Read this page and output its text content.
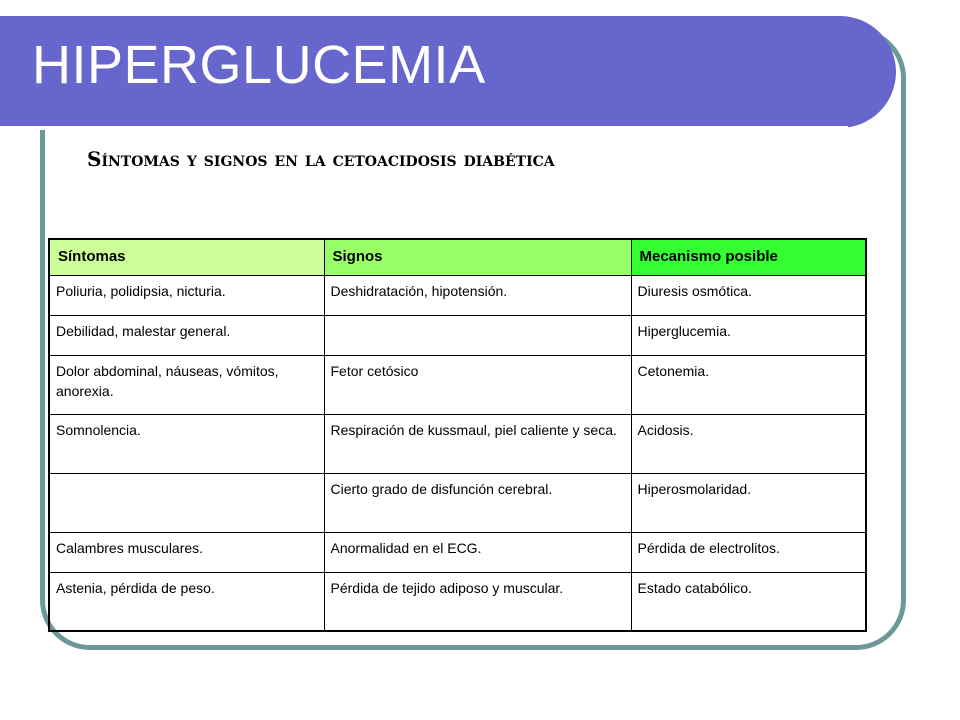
HIPERGLUCEMIA
Síntomas y signos en la cetoacidosis diabética
Síntomas	Signos	Mecanismo posible
Poliuria, polidipsia, nicturia.	Deshidratación, hipotensión.	Diuresis osmótica.
Debilidad, malestar general.		Hiperglucemia.
Dolor abdominal, náuseas, vómitos, anorexia.	Fetor cetósico	Cetonemia.
Somnolencia.	Respiración de kussmaul, piel caliente y seca.	Acidosis.
	Cierto grado de disfunción cerebral.	Hiperosmolaridad.
Calambres musculares.	Anormalidad en el ECG.	Pérdida de electrolitos.
Astenia, pérdida de peso.	Pérdida de tejido adiposo y muscular.	Estado catabólico.
